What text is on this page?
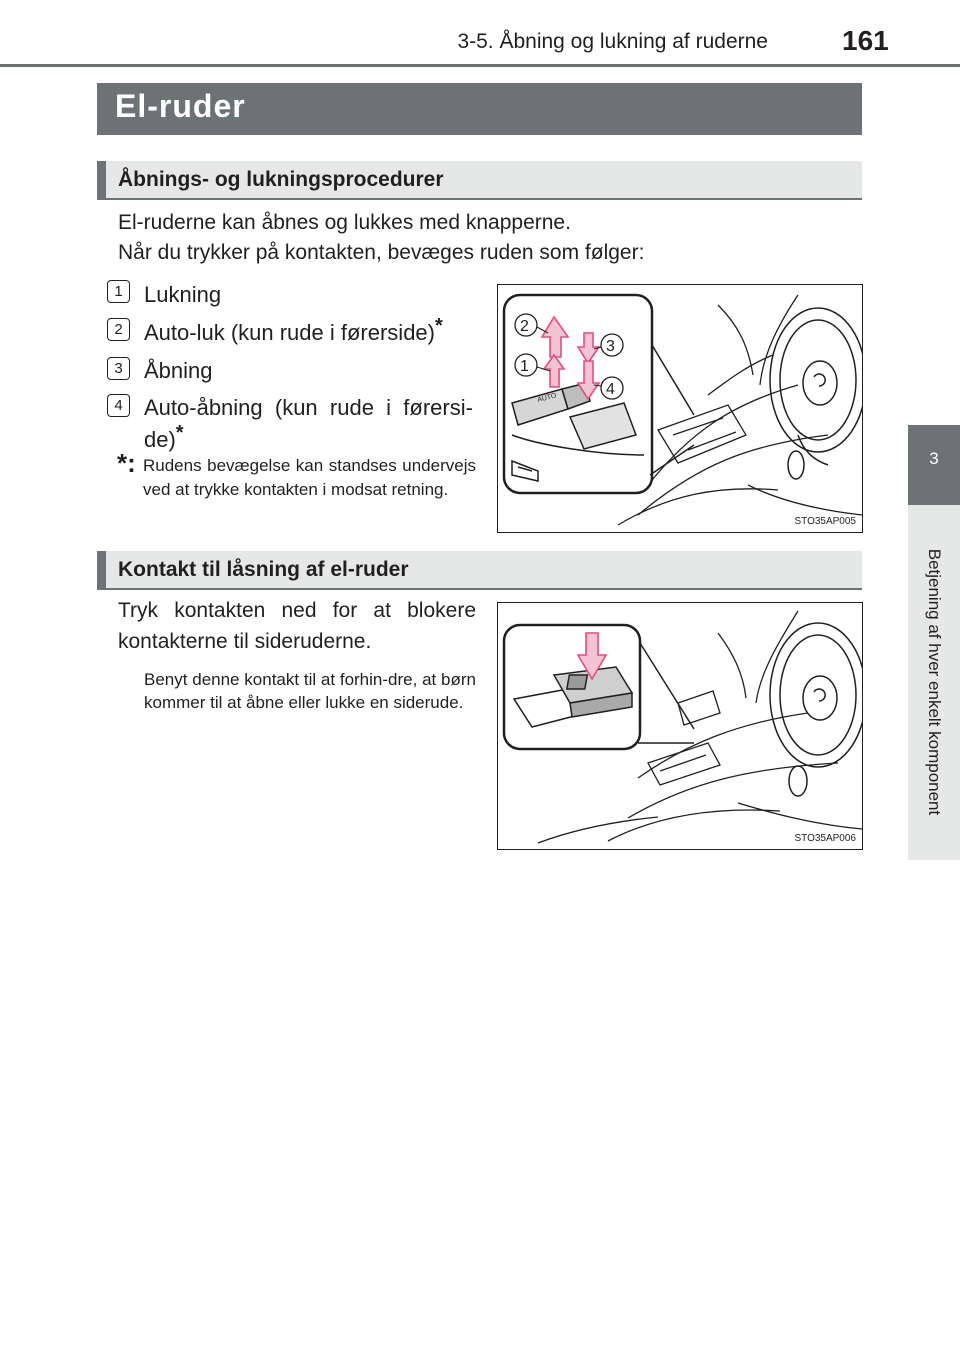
3-5. Åbning og lukning af ruderne	161
3
Betjening af hver enkelt komponent
El-ruder
Åbnings- og lukningsprocedurer
El-ruderne kan åbnes og lukkes med knapperne.
Når du trykker på kontakten, bevæges ruden som følger:
1 Lukning
2 Auto-luk (kun rude i førerside)*
3 Åbning
4 Auto-åbning  (kun  rude  i  førersi-
de)*
*: Rudens bevægelse kan standses undervejs ved at trykke kontakten i modsat retning.
AUTO
2
1
3
4
STO35AP005
Kontakt til låsning af el-ruder
Tryk kontakten ned for at blokere kontakterne til sideruderne.
Benyt denne kontakt til at forhin-dre, at børn kommer til at åbne eller lukke en siderude.
STO35AP006
